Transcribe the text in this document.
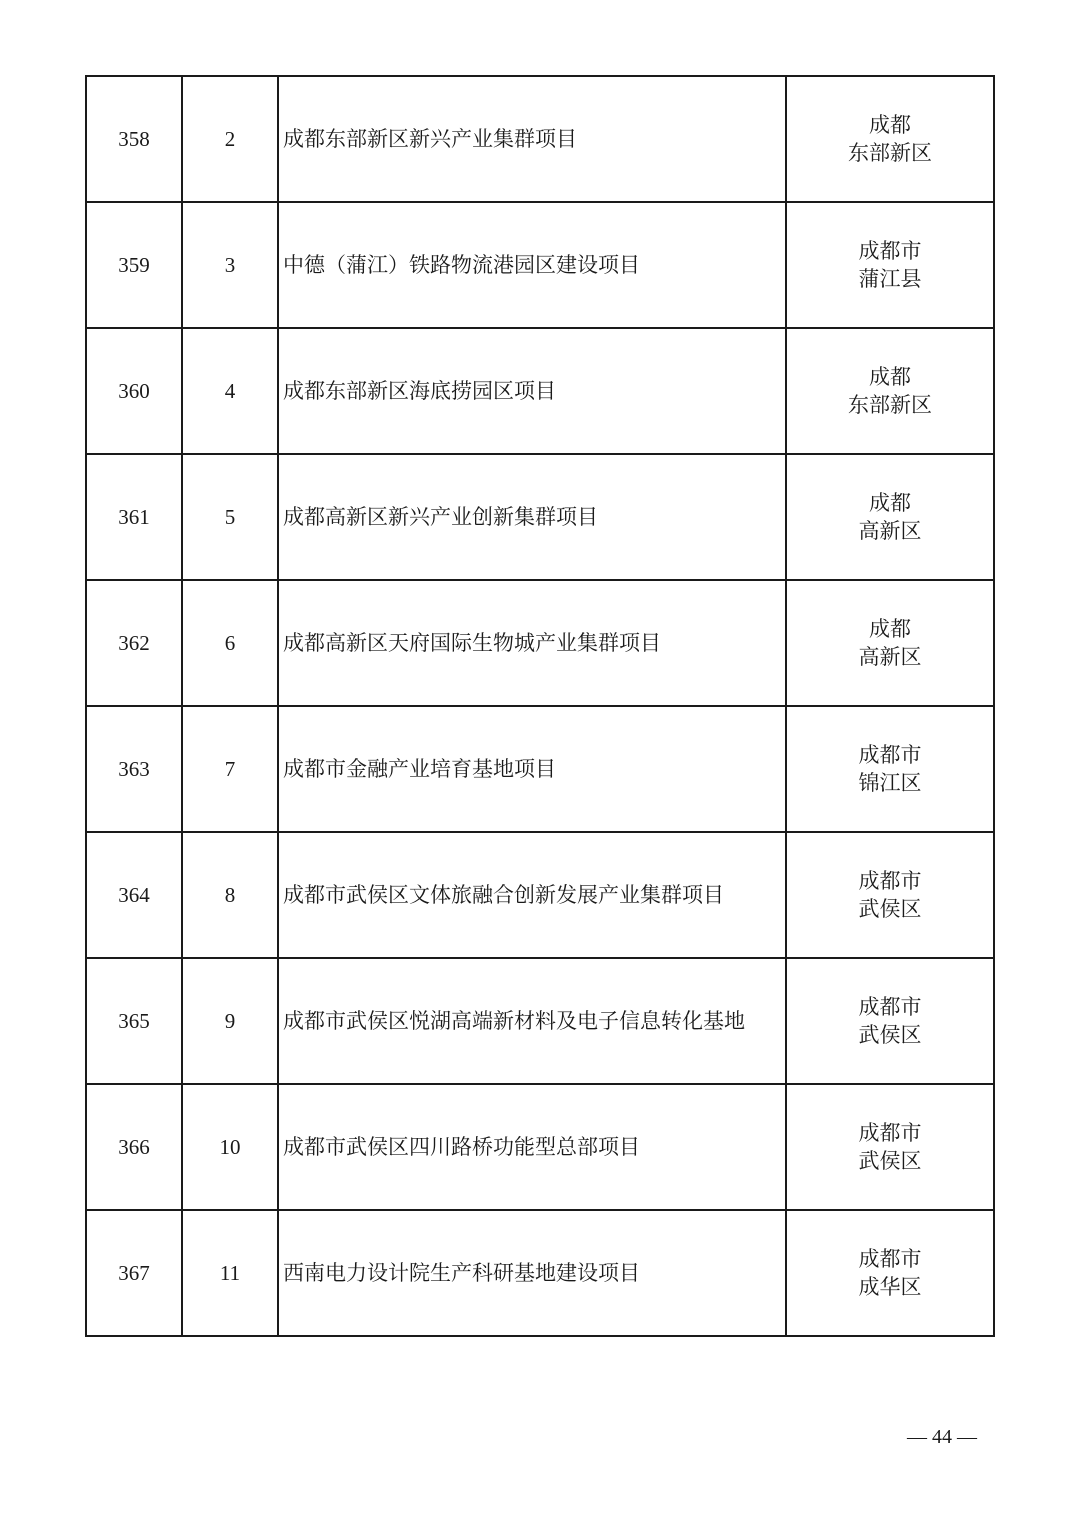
358	2	成都东部新区新兴产业集群项目	成都
东部新区

359	3	中德（蒲江）铁路物流港园区建设项目	成都市
蒲江县

360	4	成都东部新区海底捞园区项目	成都
东部新区

361	5	成都高新区新兴产业创新集群项目	成都
高新区

362	6	成都高新区天府国际生物城产业集群项目	成都
高新区

363	7	成都市金融产业培育基地项目	成都市
锦江区

364	8	成都市武侯区文体旅融合创新发展产业集群项目	成都市
武侯区

365	9	成都市武侯区悦湖高端新材料及电子信息转化基地	成都市
武侯区

366	10	成都市武侯区四川路桥功能型总部项目	成都市
武侯区

367	11	西南电力设计院生产科研基地建设项目	成都市
成华区
— 44 —
